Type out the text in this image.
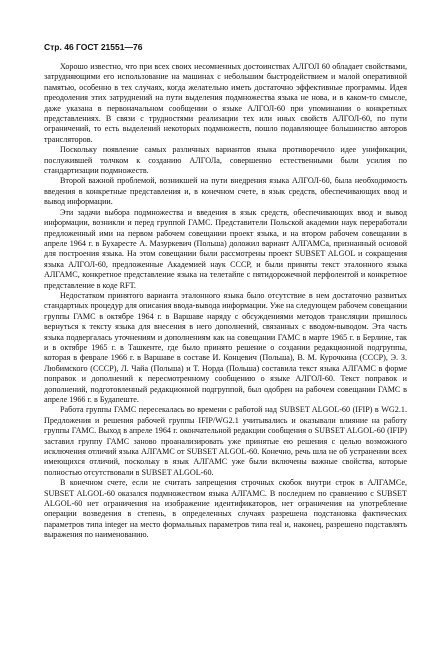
Стр. 46 ГОСТ 21551—76

Хорошо известно, что при всех своих несомненных достоинствах АЛГОЛ 60 обладает свойствами, затрудняющими его использование на машинах с небольшим быстродействием и малой оперативной памятью, особенно в тех случаях, когда желательно иметь достаточно эффективные программы. Идея преодоления этих затруднений на пути выделения подмножества языка не нова, и в каком-то смысле, даже указана в первоначальном сообщении о языке АЛГОЛ-60 при упоминании о конкретных представлениях. В связи с трудностями реализации тех или иных свойств АЛГОЛ-60, по пути ограничений, то есть выделений некоторых подмножеств, пошло подавляющее большинство авторов трансляторов.

Поскольку появление самых различных вариантов языка противоречило идее унификации, послужившей толчком к созданию АЛГОЛа, совершенно естественными были усилия по стандартизации подмножеств.

Второй важной проблемой, возникшей на пути внедрения языка АЛГОЛ-60, была необходимость введения в конкретные представления и, в конечном счете, в язык средств, обеспечивающих ввод и вывод информации.

Эти задачи выбора подмножества и введения в язык средств, обеспечивающих ввод и вывод информации, возникли и перед группой ГАМС. Представители Польской академии наук переработали предложенный ими на первом рабочем совещании проект языка, и на втором рабочем совещании в апреле 1964 г. в Бухаресте А. Мазуркевич (Польша) доложил вариант АЛГАМСа, признанный основой для построения языка. На этом совещании были рассмотрены проект SUBSET ALGOL и сокращения языка АЛГОЛ-60, предложенные Академией наук СССР, и были приняты текст эталонного языка АЛГАМС, конкретное представление языка на телетайпе с пятидорожечной перфолентой и конкретное представление в коде RFT.

Недостатком принятого варианта эталонного языка было отсутствие в нем достаточно развитых стандартных процедур для описания ввода-вывода информации. Уже на следующем рабочем совещании группы ГАМС в октябре 1964 г. в Варшаве наряду с обсуждениями методов трансляции пришлось вернуться к тексту языка для внесения в него дополнений, связанных с вводом-выводом. Эта часть языка подвергалась уточнениям и дополнениям как на совещании ГАМС в марте 1965 г. в Берлине, так и в октябре 1965 г. в Ташкенте, где было принято решение о создании редакционной подгруппы, которая в феврале 1966 г. в Варшаве в составе И. Концевич (Польша), В. М. Курочкина (СССР), Э. З. Любимского (СССР), Л. Чайа (Польша) и Т. Норда (Польша) составила текст языка АЛГАМС в форме поправок и дополнений к пересмотренному сообщению о языке АЛГОЛ-60. Текст поправок и дополнений, подготовленный редакционной подгруппой, был одобрен на рабочем совещании ГАМС в апреле 1966 г. в Будапеште.

Работа группы ГАМС пересекалась во времени с работой над SUBSET ALGOL-60 (IFIP) в WG2.1. Предложения и решения рабочей группы IFIP/WG2.1 учитывались и оказывали влияние на работу группы ГАМС. Выход в апреле 1964 г. окончательной редакции сообщения о SUBSET ALGOL-60 (IFIP) заставил группу ГАМС заново проанализировать уже принятые ею решения с целью возможного исключения отличий языка АЛГАМС от SUBSET ALGOL-60. Конечно, речь шла не об устранении всех имеющихся отличий, поскольку в язык АЛГАМС уже были включены важные свойства, которые полностью отсутствовали в SUBSET ALGOL-60.

В конечном счете, если не считать запрещения строчных скобок внутри строк в АЛГАМСе, SUBSET ALGOL-60 оказался подмножеством языка АЛГАМС. В последнем по сравнению с SUBSET ALGOL-60 нет ограничения на изображение идентификаторов, нет ограничения на употребление операции возведения в степень, в определенных случаях разрешена подстановка фактических параметров типа integer на место формальных параметров типа real и, наконец, разрешено подставлять выражения по наименованию.
